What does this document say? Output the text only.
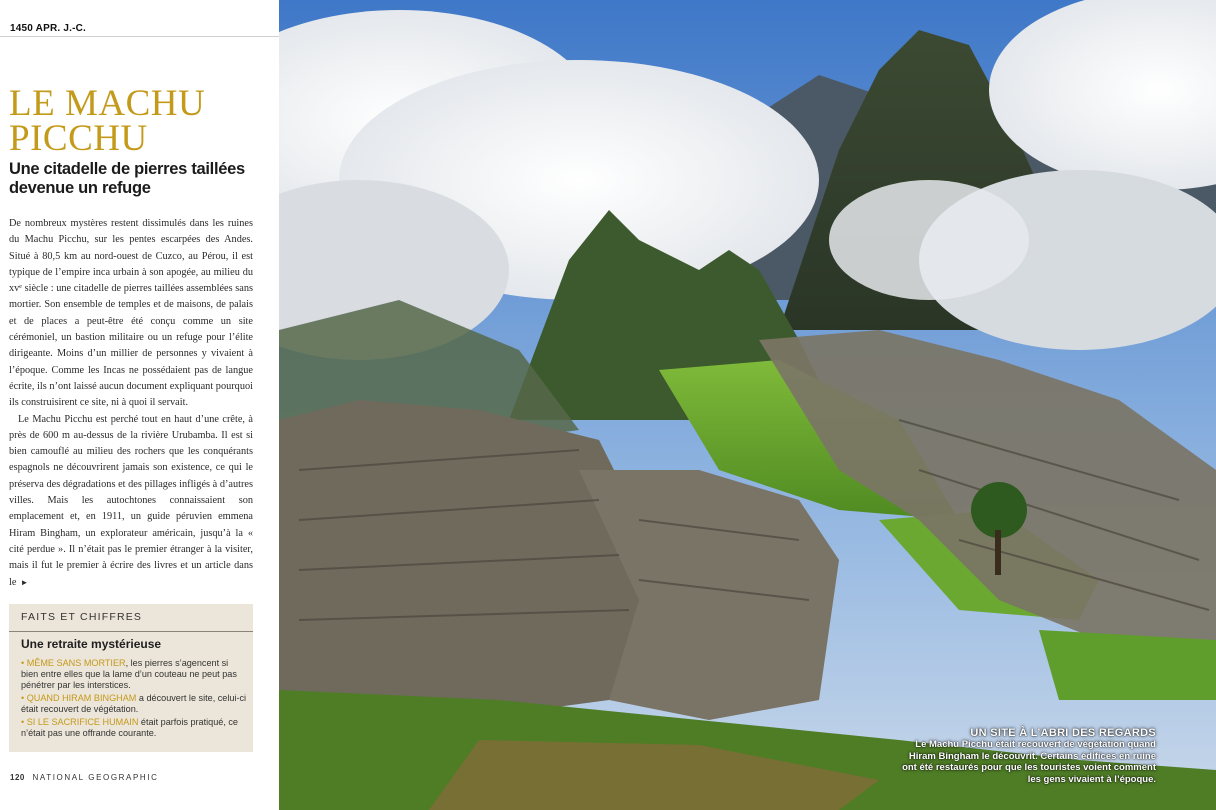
1450 APR. J.-C.
LE MACHU
PICCHU
Une citadelle de pierres taillées devenue un refuge

De nombreux mystères restent dissimulés dans les ruines du Machu Picchu, sur les pentes escarpées des Andes. Situé à 80,5 km au nord-ouest de Cuzco, au Pérou, il est typique de l’empire inca urbain à son apogée, au milieu du xvᵉ siècle : une citadelle de pierres taillées assemblées sans mortier. Son ensemble de temples et de maisons, de palais et de places a peut-être été conçu comme un site cérémoniel, un bastion militaire ou un refuge pour l’élite dirigeante. Moins d’un millier de personnes y vivaient à l’époque. Comme les Incas ne possédaient pas de langue écrite, ils n’ont laissé aucun document expliquant pourquoi ils construisirent ce site, ni à quoi il servait.

Le Machu Picchu est perché tout en haut d’une crête, à près de 600 m au-dessus de la rivière Urubamba. Il est si bien camouflé au milieu des rochers que les conquérants espagnols ne découvrirent jamais son existence, ce qui le préserva des dégradations et des pillages infligés à d’autres villes. Mais les autochtones connaissaient son emplacement et, en 1911, un guide péruvien emmena Hiram Bingham, un explorateur américain, jusqu’à la « cité perdue ». Il n’était pas le premier étranger à la visiter, mais il fut le premier à écrire des livres et un article dans le ►

FAITS ET CHIFFRES
Une retraite mystérieuse
• MÊME SANS MORTIER, les pierres s’agencent si bien entre elles que la lame d’un couteau ne peut pas pénétrer par les interstices.
• QUAND HIRAM BINGHAM a découvert le site, celui-ci était recouvert de végétation.
• SI LE SACRIFICE HUMAIN était parfois pratiqué, ce n’était pas une offrande courante.
120 NATIONAL GEOGRAPHIC
UN SITE À L’ABRI DES REGARDS
Le Machu Picchu était recouvert de végétation quand Hiram Bingham le découvrit. Certains édifices en ruine ont été restaurés pour que les touristes voient comment les gens vivaient à l’époque.
